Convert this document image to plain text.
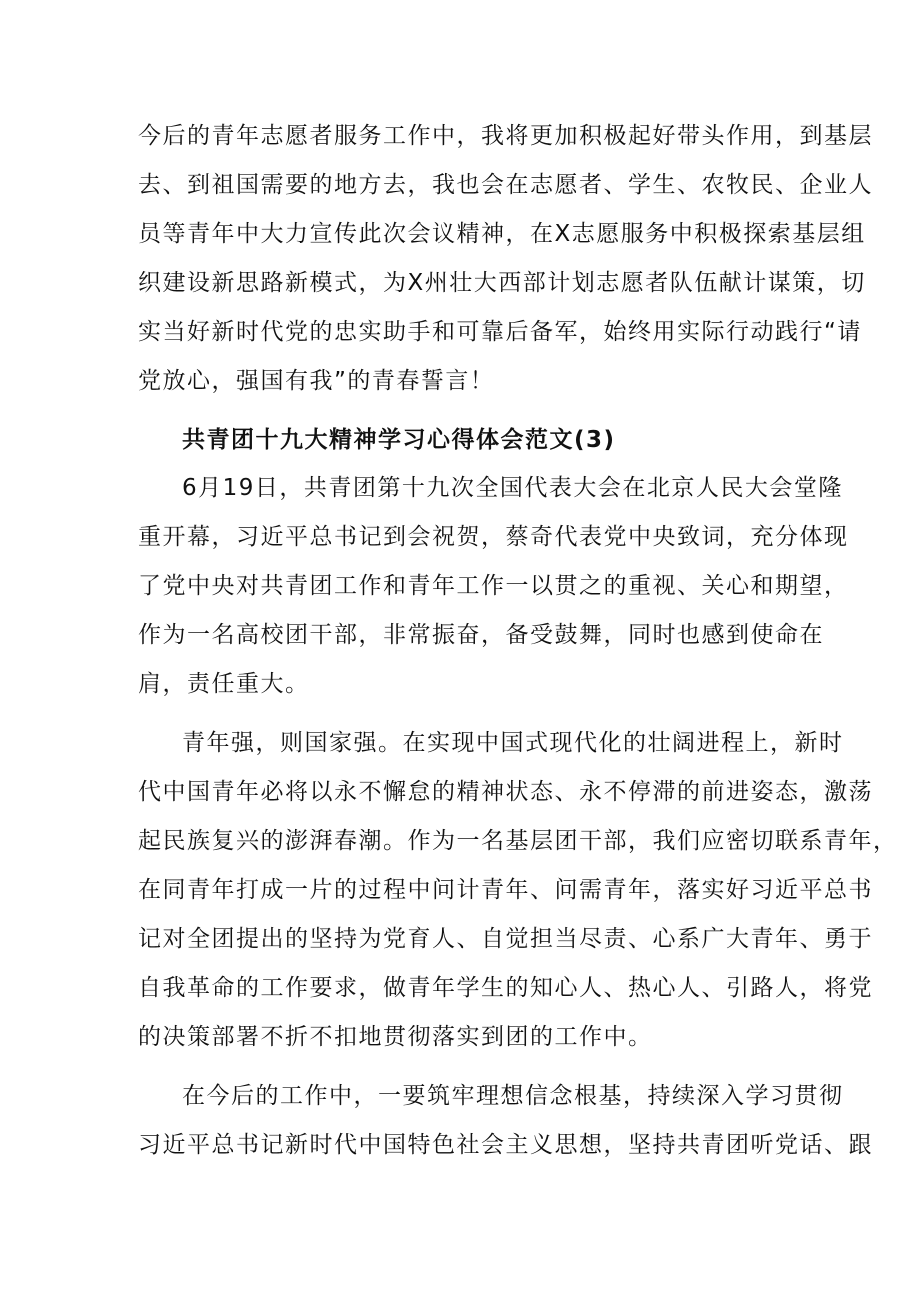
今后的青年志愿者服务工作中，我将更加积极起好带头作用，到基层

去、到祖国需要的地方去，我也会在志愿者、学生、农牧民、企业人

员等青年中大力宣传此次会议精神，在X志愿服务中积极探索基层组

织建设新思路新模式，为X州壮大西部计划志愿者队伍献计谋策，切

实当好新时代党的忠实助手和可靠后备军，始终用实际行动践行“请

党放心，强国有我”的青春誓言！

共青团十九大精神学习心得体会范文(3)

6月19日，共青团第十九次全国代表大会在北京人民大会堂隆

重开幕，习近平总书记到会祝贺，蔡奇代表党中央致词，充分体现

了党中央对共青团工作和青年工作一以贯之的重视、关心和期望，

作为一名高校团干部，非常振奋，备受鼓舞，同时也感到使命在

肩，责任重大。

青年强，则国家强。在实现中国式现代化的壮阔进程上，新时

代中国青年必将以永不懈怠的精神状态、永不停滞的前进姿态，激荡

起民族复兴的澎湃春潮。作为一名基层团干部，我们应密切联系青年，

在同青年打成一片的过程中问计青年、问需青年，落实好习近平总书

记对全团提出的坚持为党育人、自觉担当尽责、心系广大青年、勇于

自我革命的工作要求，做青年学生的知心人、热心人、引路人，将党

的决策部署不折不扣地贯彻落实到团的工作中。

在今后的工作中，一要筑牢理想信念根基，持续深入学习贯彻

习近平总书记新时代中国特色社会主义思想，坚持共青团听党话、跟
